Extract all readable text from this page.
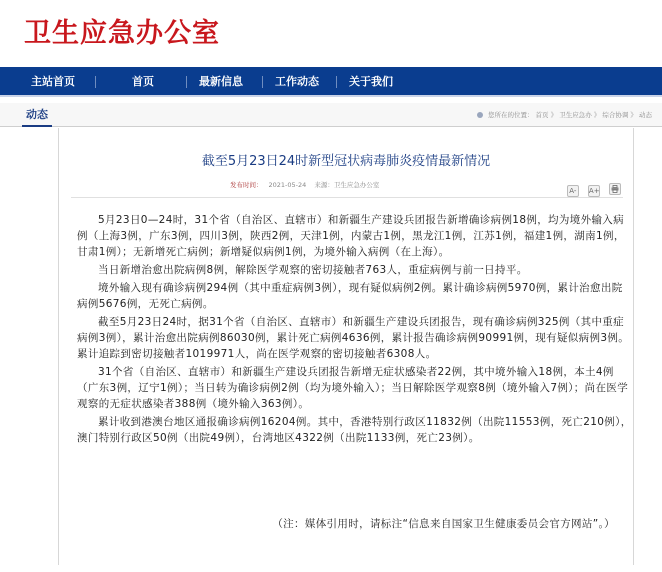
卫生应急办公室
主站首页	首页	最新信息	工作动态	关于我们
动态	您所在的位置： 首页 》 卫生应急办 》 综合协调 》 动态
截至5月23日24时新型冠状病毒肺炎疫情最新情况
发布时间： 2021-05-24 来源：卫生应急办公室
A- A+

5月23日0—24时，31个省（自治区、直辖市）和新疆生产建设兵团报告新增确诊病例18例，均为境外输入病例（上海3例，广东3例，四川3例，陕西2例，天津1例，内蒙古1例，黑龙江1例，江苏1例，福建1例，湖南1例，甘肃1例）；无新增死亡病例；新增疑似病例1例，为境外输入病例（在上海）。

当日新增治愈出院病例8例，解除医学观察的密切接触者763人，重症病例与前一日持平。

境外输入现有确诊病例294例（其中重症病例3例），现有疑似病例2例。累计确诊病例5970例，累计治愈出院病例5676例，无死亡病例。

截至5月23日24时，据31个省（自治区、直辖市）和新疆生产建设兵团报告，现有确诊病例325例（其中重症病例3例），累计治愈出院病例86030例，累计死亡病例4636例，累计报告确诊病例90991例，现有疑似病例3例。累计追踪到密切接触者1019971人，尚在医学观察的密切接触者6308人。

31个省（自治区、直辖市）和新疆生产建设兵团报告新增无症状感染者22例，其中境外输入18例，本土4例（广东3例，辽宁1例）；当日转为确诊病例2例（均为境外输入）；当日解除医学观察8例（境外输入7例）；尚在医学观察的无症状感染者388例（境外输入363例）。

累计收到港澳台地区通报确诊病例16204例。其中，香港特别行政区11832例（出院11553例，死亡210例），澳门特别行政区50例（出院49例），台湾地区4322例（出院1133例，死亡23例）。

（注：媒体引用时，请标注“信息来自国家卫生健康委员会官方网站”。）
